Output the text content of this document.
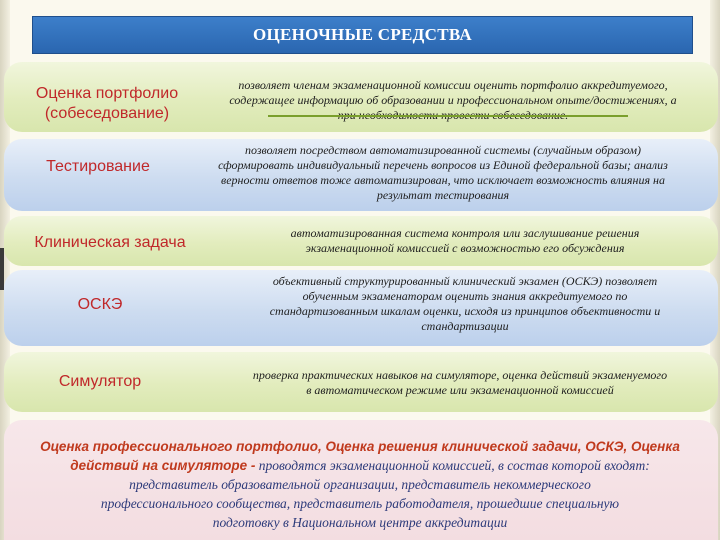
ОЦЕНОЧНЫЕ СРЕДСТВА
Оценка портфолио
(собеседование)
позволяет членам экзаменационной комиссии оценить портфолио аккредитуемого,
содержащее информацию об образовании и профессиональном опыте/достижениях, а
Тестирование
позволяет посредством автоматизированной системы (случайным образом)
сформировать индивидуальный перечень вопросов из Единой федеральной базы; анализ
верности ответов тоже автоматизирован, что исключает возможность влияния на
результат тестирования
Клиническая задача
автоматизированная система контроля или заслушивание решения
экзаменационной комиссией с возможностью его обсуждения
ОСКЭ
объективный структурированный клинический экзамен (ОСКЭ) позволяет
обученным экзаменаторам оценить знания аккредитуемого по
стандартизованным шкалам оценки, исходя из принципов объективности и
стандартизации
Симулятор	проверка практических навыков на симуляторе, оценка действий экзаменуемого
в автоматическом режиме или экзаменационной комиссией
Оценка профессионального портфолио, Оценка решения клинической задачи, ОСКЭ, Оценка
действий на симуляторе - проводятся экзаменационной комиссией, в состав которой входят:
представитель образовательной организации, представитель некоммерческого
профессионального сообщества, представитель работодателя, прошедшие специальную
подготовку в Национальном центре аккредитации
